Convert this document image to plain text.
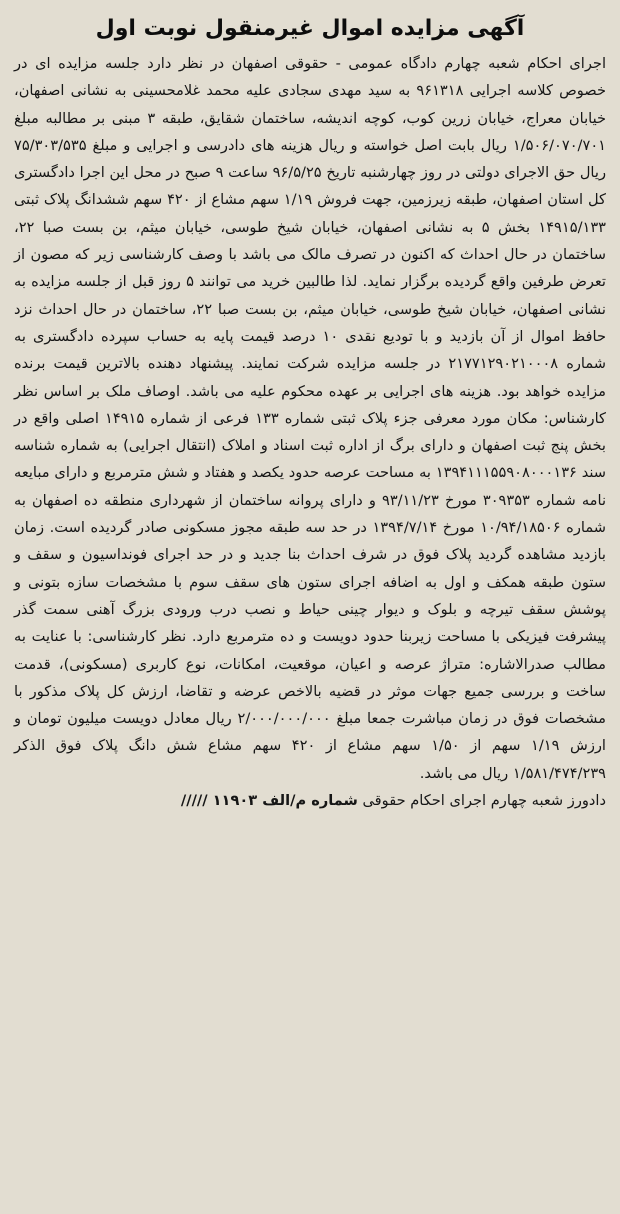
آگهی مزایده اموال غیرمنقول نوبت اول

اجرای احکام شعبه چهارم دادگاه عمومی - حقوقی اصفهان در نظر دارد جلسه مزایده ای در خصوص کلاسه اجرایی ۹۶۱۳۱۸ به سید مهدی سجادی علیه محمد غلامحسینی به نشانی اصفهان، خیابان معراج، خیابان زرین کوب، کوچه اندیشه، ساختمان شقایق، طبقه ۳ مبنی بر مطالبه مبلغ ۱/۵۰۶/۰۷۰/۷۰۱ ریال بابت اصل خواسته و ریال هزینه های دادرسی و اجرایی و مبلغ ۷۵/۳۰۳/۵۳۵ ریال حق الاجرای دولتی در روز چهارشنبه تاریخ ۹۶/۵/۲۵ ساعت ۹ صبح در محل این اجرا دادگستری کل استان اصفهان، طبقه زیرزمین، جهت فروش ۱/۱۹ سهم مشاع از ۴۲۰ سهم ششدانگ پلاک ثبتی ۱۴۹۱۵/۱۳۳ بخش ۵ به نشانی اصفهان، خیابان شیخ طوسی، خیابان میثم، بن بست صبا ۲۲، ساختمان در حال احداث که اکنون در تصرف مالک می باشد با وصف کارشناسی زیر که مصون از تعرض طرفین واقع گردیده برگزار نماید. لذا طالبین خرید می توانند ۵ روز قبل از جلسه مزایده به نشانی اصفهان، خیابان شیخ طوسی، خیابان میثم، بن بست صبا ۲۲، ساختمان در حال احداث نزد حافظ اموال از آن بازدید و با تودیع نقدی ۱۰ درصد قیمت پایه به حساب سپرده دادگستری به شماره ۲۱۷۷۱۲۹۰۲۱۰۰۰۸ در جلسه مزایده شرکت نمایند. پیشنهاد دهنده بالاترین قیمت برنده مزایده خواهد بود. هزینه های اجرایی بر عهده محکوم علیه می باشد. اوصاف ملک بر اساس نظر کارشناس: مکان مورد معرفی جزء پلاک ثبتی شماره ۱۳۳ فرعی از شماره ۱۴۹۱۵ اصلی واقع در بخش پنج ثبت اصفهان و دارای برگ از اداره ثبت اسناد و املاک (انتقال اجرایی) به شماره شناسه سند ۱۳۹۴۱۱۱۵۵۹۰۸۰۰۰۱۳۶ به مساحت عرصه حدود یکصد و هفتاد و شش مترمربع و دارای مبایعه نامه شماره ۳۰۹۳۵۳ مورخ ۹۳/۱۱/۲۳ و دارای پروانه ساختمان از شهرداری منطقه ده اصفهان به شماره ۱۰/۹۴/۱۸۵۰۶ مورخ ۱۳۹۴/۷/۱۴ در حد سه طبقه مجوز مسکونی صادر گردیده است. زمان بازدید مشاهده گردید پلاک فوق در شرف احداث بنا جدید و در حد اجرای فونداسیون و سقف و ستون طبقه همکف و اول به اضافه اجرای ستون های سقف سوم با مشخصات سازه بتونی و پوشش سقف تیرچه و بلوک و دیوار چینی حیاط و نصب درب ورودی بزرگ آهنی سمت گذر پیشرفت فیزیکی با مساحت زیربنا حدود دویست و ده مترمربع دارد. نظر کارشناسی: با عنایت به مطالب صدرالاشاره: متراژ عرصه و اعیان، موقعیت، امکانات، نوع کاربری (مسکونی)، قدمت ساخت و بررسی جمیع جهات موثر در قضیه بالاخص عرضه و تقاضا، ارزش کل پلاک مذکور با مشخصات فوق در زمان مباشرت جمعا مبلغ ۲/۰۰۰/۰۰۰/۰۰۰ ریال معادل دویست میلیون تومان و ارزش ۱/۱۹ سهم از ۱/۵۰ سهم مشاع از ۴۲۰ سهم مشاع شش دانگ پلاک فوق الذکر ۱/۵۸۱/۴۷۴/۲۳۹ ریال می باشد.

دادورز شعبه چهارم اجرای احکام حقوقی شماره م/الف ۱۱۹۰۳ /////
